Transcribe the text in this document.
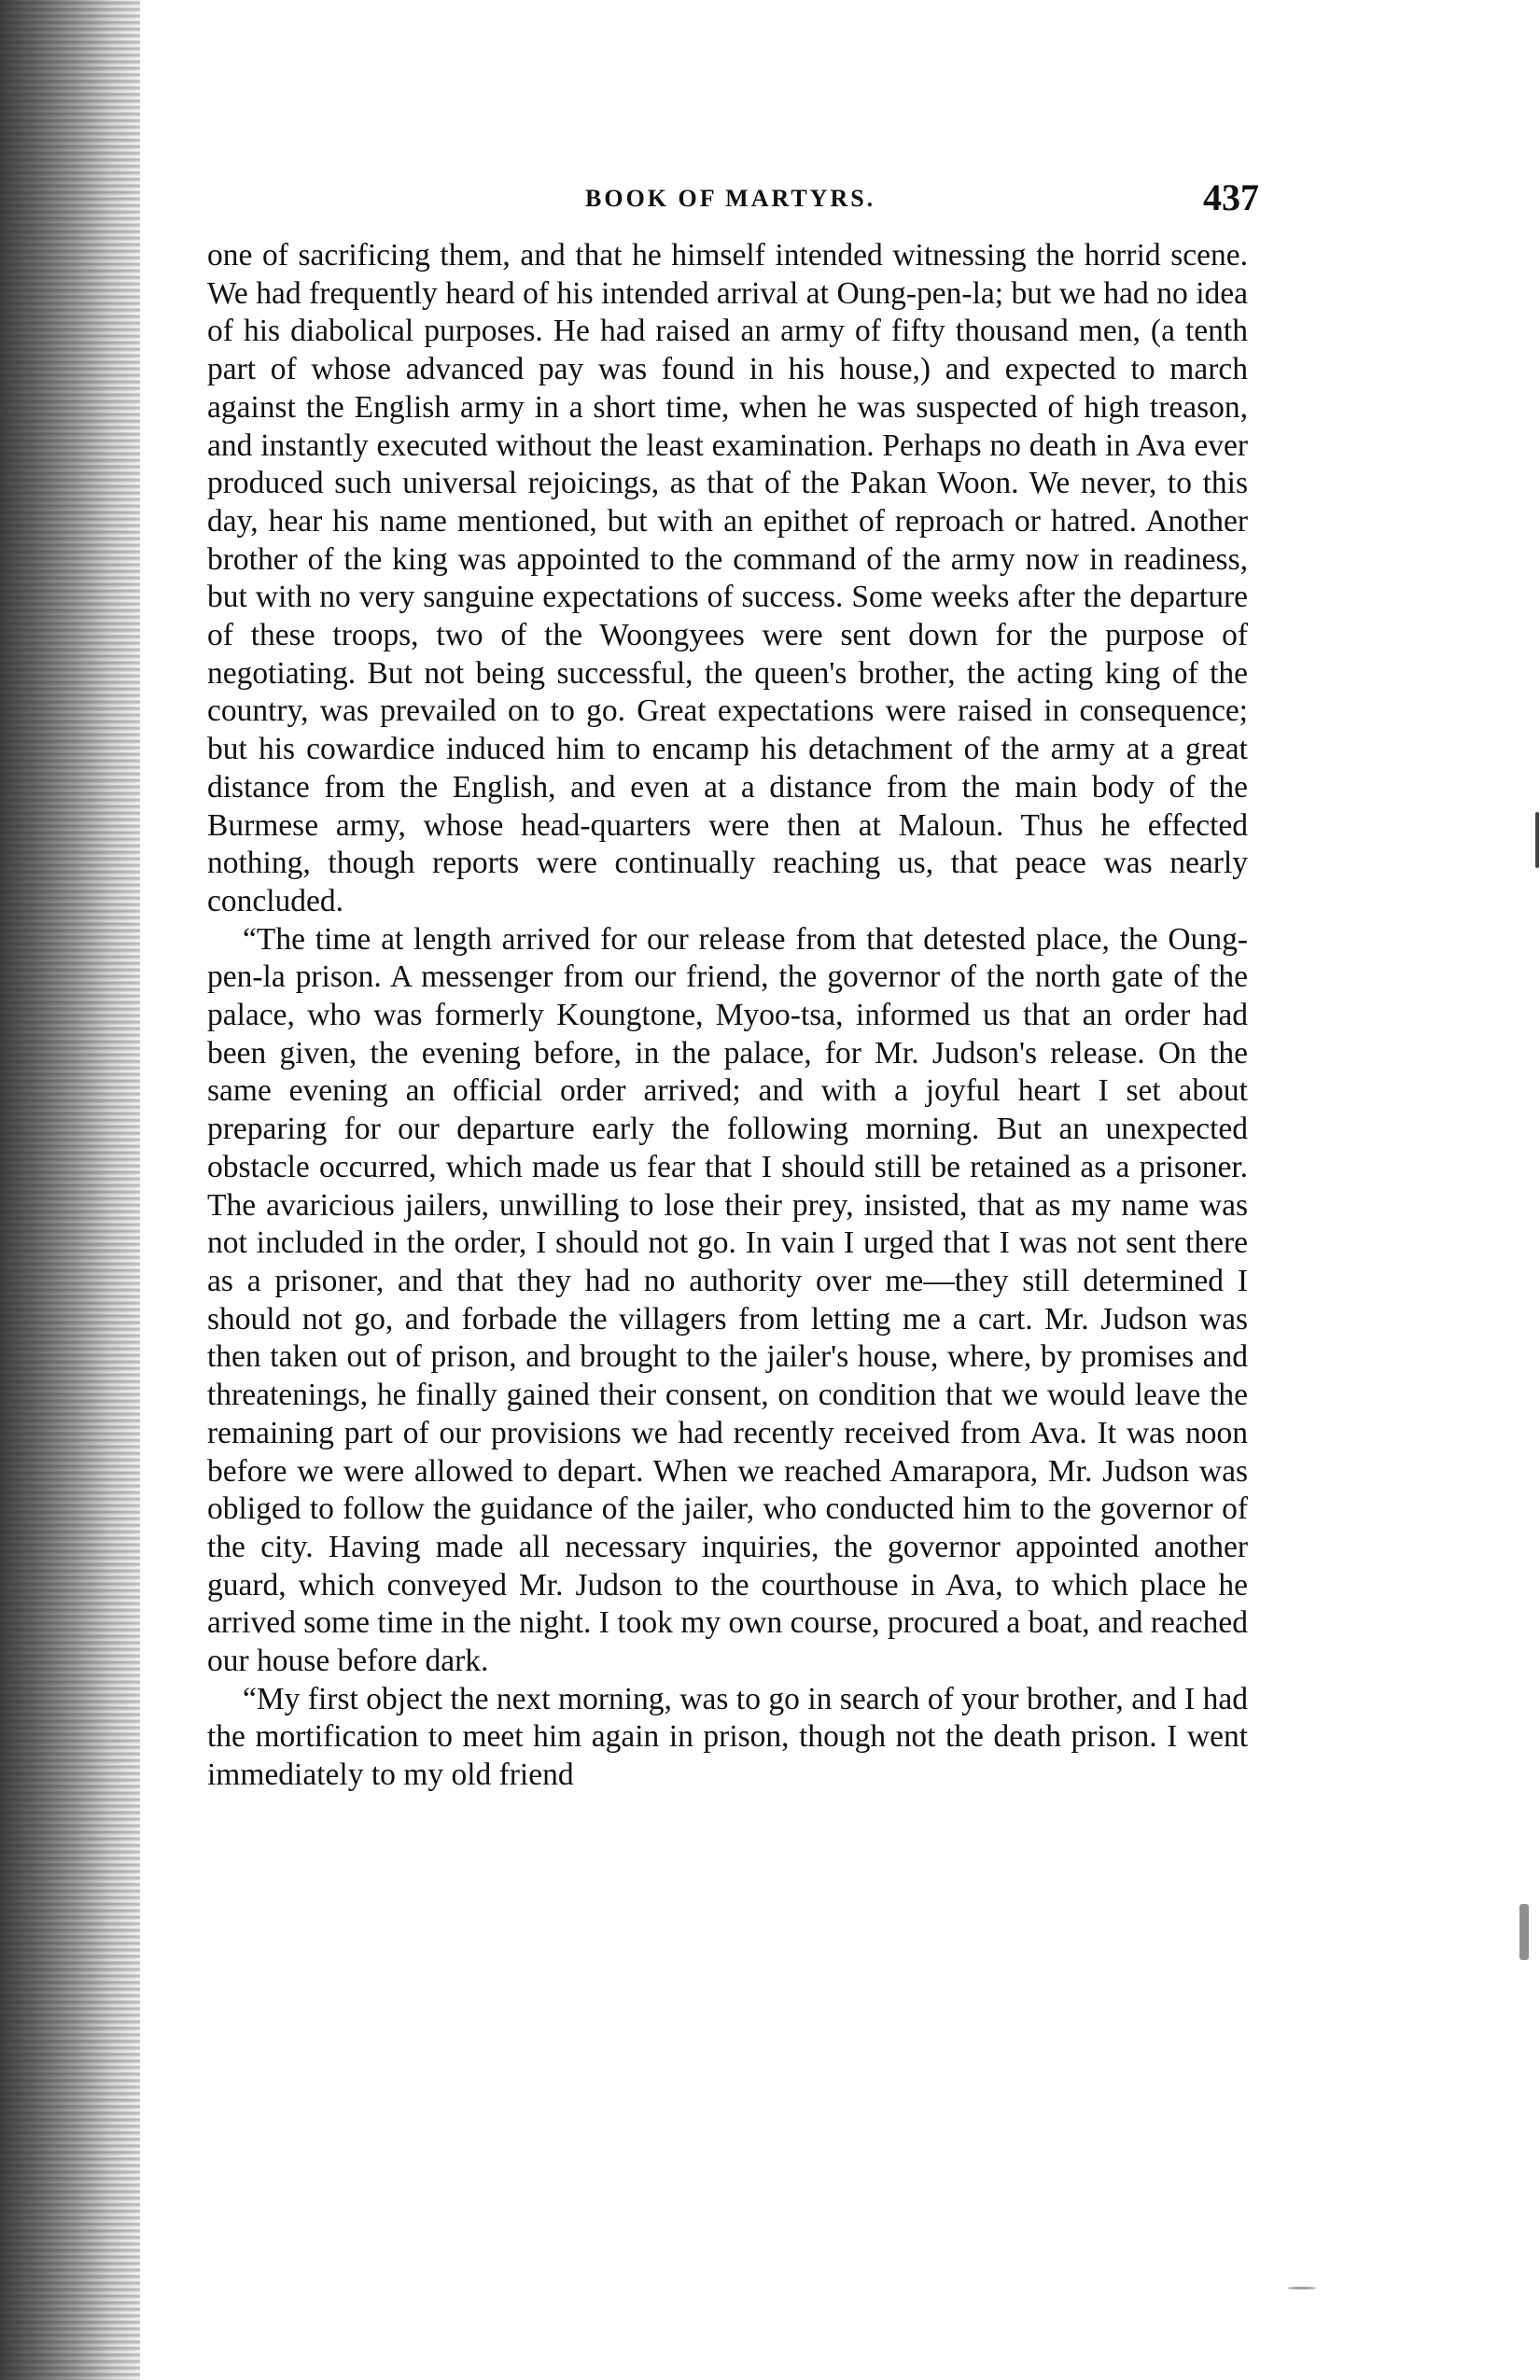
BOOK OF MARTYRS.	437

one of sacrificing them, and that he himself intended witnessing the horrid scene. We had frequently heard of his intended arrival at Oung-pen-la; but we had no idea of his diabolical purposes. He had raised an army of fifty thousand men, (a tenth part of whose advanced pay was found in his house,) and expected to march against the English army in a short time, when he was suspected of high treason, and instantly executed without the least examination. Perhaps no death in Ava ever produced such universal rejoicings, as that of the Pakan Woon. We never, to this day, hear his name mentioned, but with an epithet of reproach or hatred. Another brother of the king was appointed to the command of the army now in readiness, but with no very sanguine expectations of success. Some weeks after the departure of these troops, two of the Woongyees were sent down for the purpose of negotiating. But not being successful, the queen's brother, the acting king of the country, was prevailed on to go. Great expectations were raised in consequence; but his cowardice induced him to encamp his detachment of the army at a great distance from the English, and even at a distance from the main body of the Burmese army, whose head-quarters were then at Maloun. Thus he effected nothing, though reports were continually reaching us, that peace was nearly concluded.

“The time at length arrived for our release from that detested place, the Oung-pen-la prison. A messenger from our friend, the governor of the north gate of the palace, who was formerly Koungtone, Myoo-tsa, informed us that an order had been given, the evening before, in the palace, for Mr. Judson's release. On the same evening an official order arrived; and with a joyful heart I set about preparing for our departure early the following morning. But an unexpected obstacle occurred, which made us fear that I should still be retained as a prisoner. The avaricious jailers, unwilling to lose their prey, insisted, that as my name was not included in the order, I should not go. In vain I urged that I was not sent there as a prisoner, and that they had no authority over me—they still determined I should not go, and forbade the villagers from letting me a cart. Mr. Judson was then taken out of prison, and brought to the jailer's house, where, by promises and threatenings, he finally gained their consent, on condition that we would leave the remaining part of our provisions we had recently received from Ava. It was noon before we were allowed to depart. When we reached Amarapora, Mr. Judson was obliged to follow the guidance of the jailer, who conducted him to the governor of the city. Having made all necessary inquiries, the governor appointed another guard, which conveyed Mr. Judson to the courthouse in Ava, to which place he arrived some time in the night. I took my own course, procured a boat, and reached our house before dark.

“My first object the next morning, was to go in search of your brother, and I had the mortification to meet him again in prison, though not the death prison. I went immediately to my old friend
